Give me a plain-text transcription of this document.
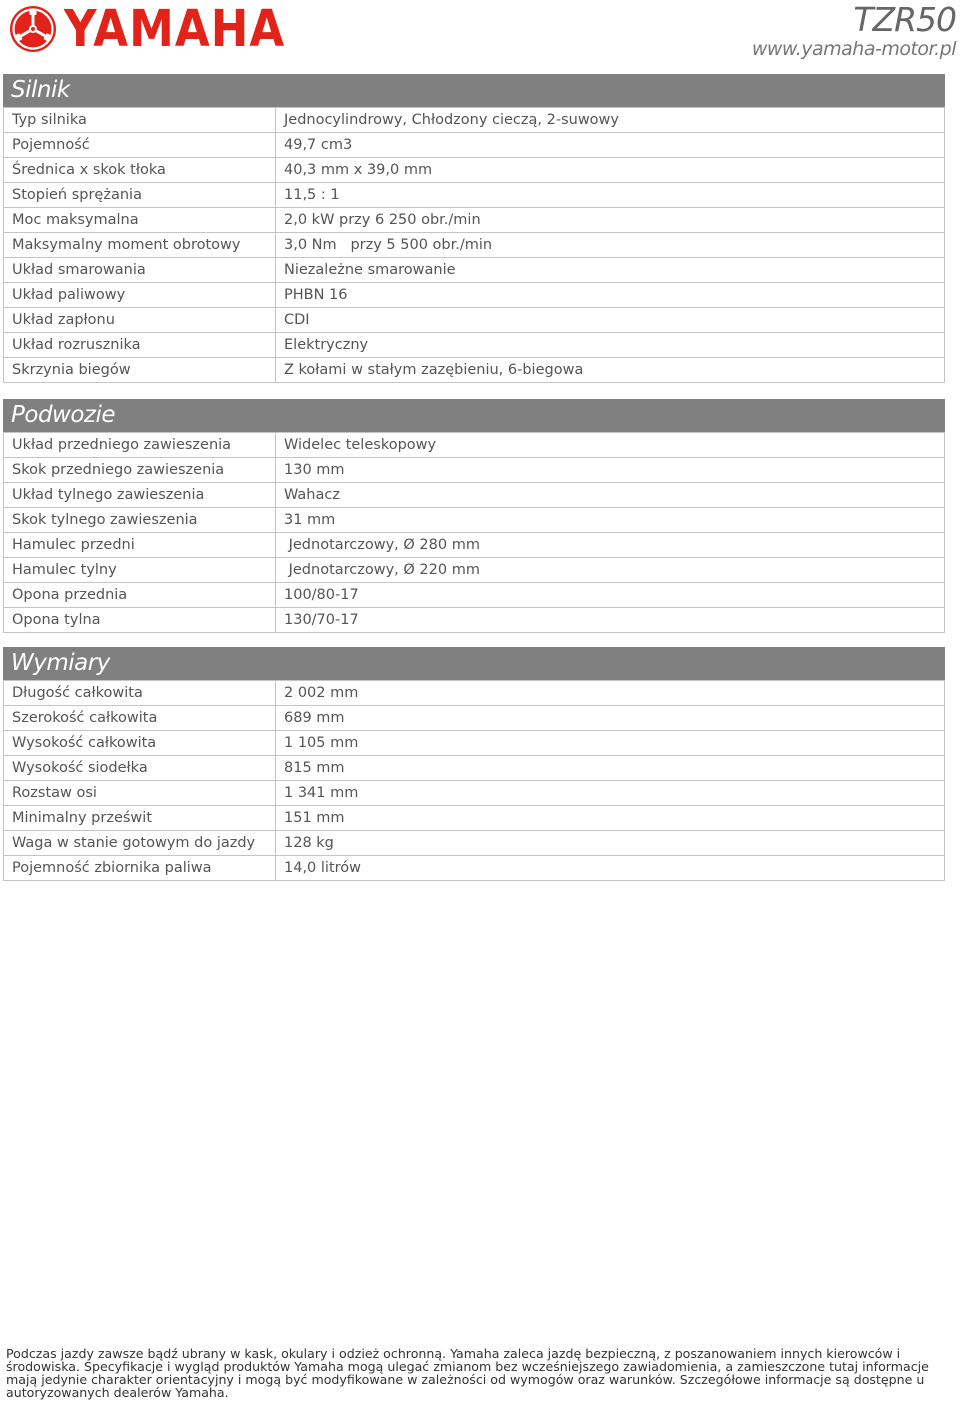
YAMAHA	TZR50
www.yamaha-motor.pl
Silnik
Typ silnika	Jednocylindrowy, Chłodzony cieczą, 2-suwowy
Pojemność	49,7 cm3
Średnica x skok tłoka	40,3 mm x 39,0 mm
Stopień sprężania	11,5 : 1
Moc maksymalna	2,0 kW przy 6 250 obr./min
Maksymalny moment obrotowy	3,0 Nm   przy 5 500 obr./min
Układ smarowania	Niezależne smarowanie
Układ paliwowy	PHBN 16
Układ zapłonu	CDI
Układ rozrusznika	Elektryczny
Skrzynia biegów	Z kołami w stałym zazębieniu, 6-biegowa
Podwozie
Układ przedniego zawieszenia	Widelec teleskopowy
Skok przedniego zawieszenia	130 mm
Układ tylnego zawieszenia	Wahacz
Skok tylnego zawieszenia	31 mm
Hamulec przedni	Jednotarczowy, Ø 280 mm
Hamulec tylny	Jednotarczowy, Ø 220 mm
Opona przednia	100/80-17
Opona tylna	130/70-17
Wymiary
Długość całkowita	2 002 mm
Szerokość całkowita	689 mm
Wysokość całkowita	1 105 mm
Wysokość siodełka	815 mm
Rozstaw osi	1 341 mm
Minimalny prześwit	151 mm
Waga w stanie gotowym do jazdy	128 kg
Pojemność zbiornika paliwa	14,0 litrów
Podczas jazdy zawsze bądź ubrany w kask, okulary i odzież ochronną. Yamaha zaleca jazdę bezpieczną, z poszanowaniem innych kierowców i środowiska. Specyfikacje i wygląd produktów Yamaha mogą ulegać zmianom bez wcześniejszego zawiadomienia, a zamieszczone tutaj informacje mają jedynie charakter orientacyjny i mogą być modyfikowane w zależności od wymogów oraz warunków. Szczegółowe informacje są dostępne u autoryzowanych dealerów Yamaha.
